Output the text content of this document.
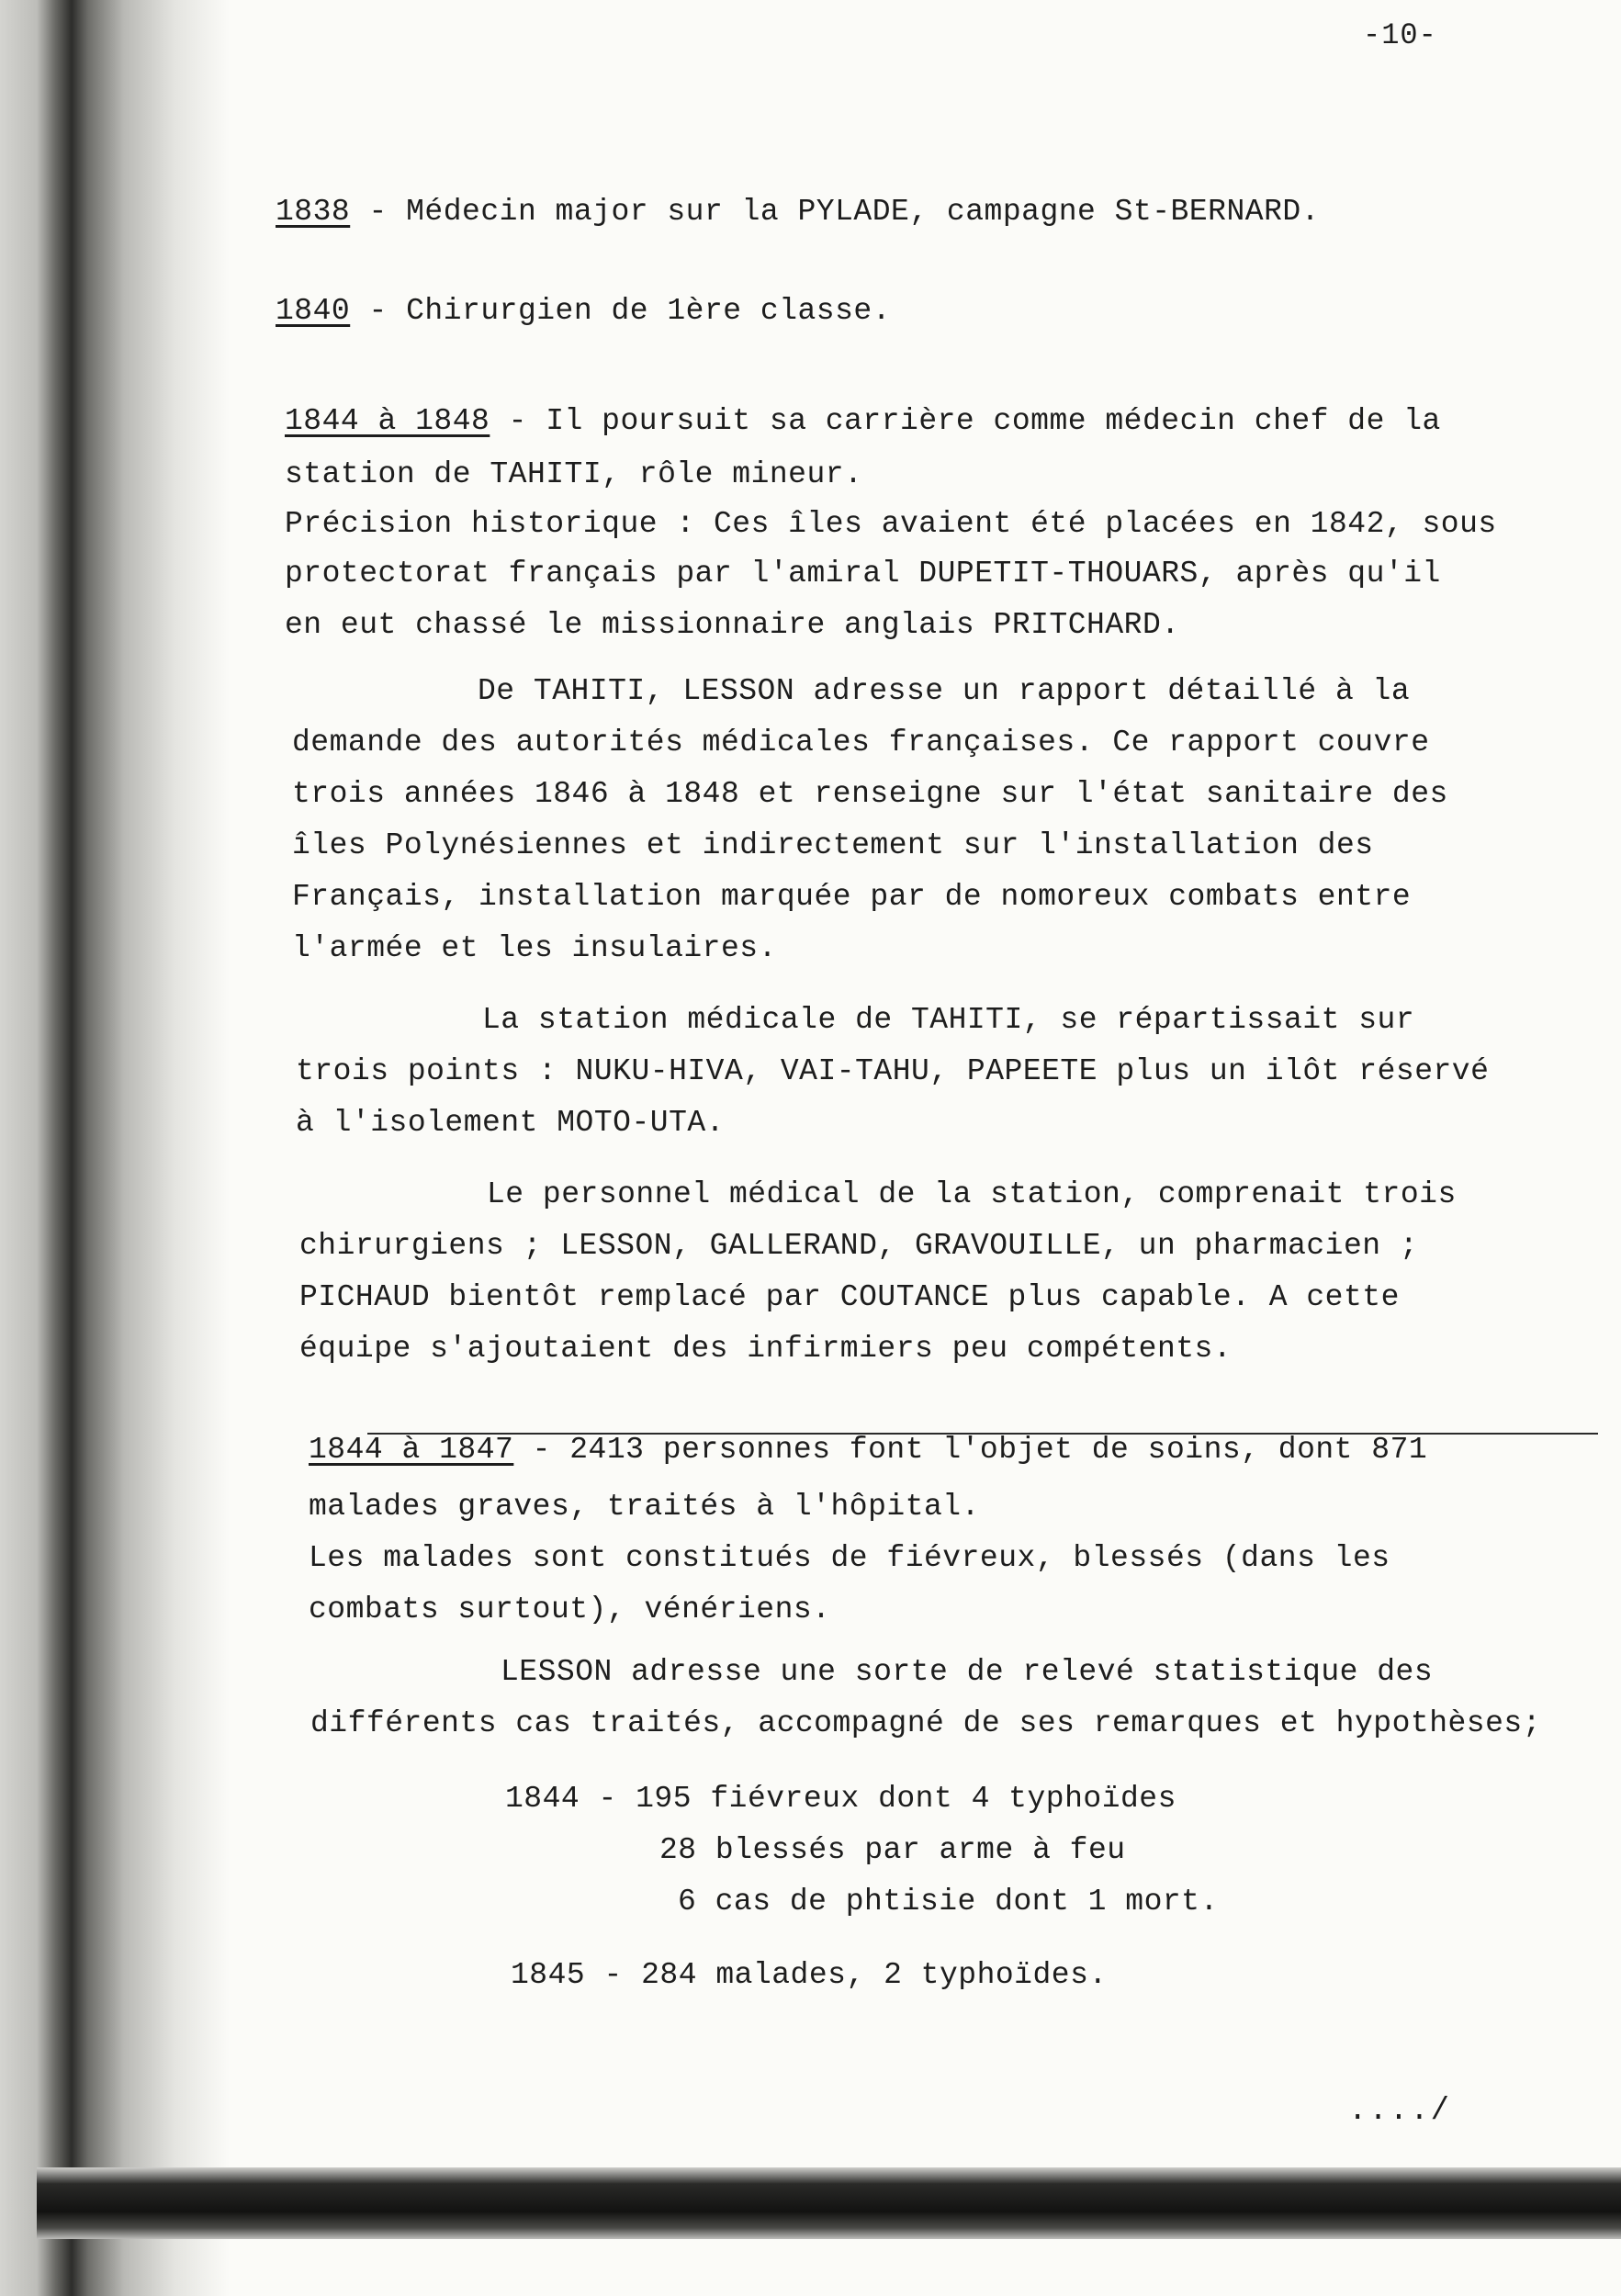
-10-
1838 - Médecin major sur la PYLADE, campagne St-BERNARD.
1840 - Chirurgien de 1ère classe.
1844 à 1848 - Il poursuit sa carrière comme médecin chef de la
station de TAHITI, rôle mineur.
Précision historique : Ces îles avaient été placées en 1842, sous
protectorat français par l'amiral DUPETIT-THOUARS, après qu'il
en eut chassé le missionnaire anglais PRITCHARD.
De TAHITI, LESSON adresse un rapport détaillé à la
demande des autorités médicales françaises. Ce rapport couvre
trois années 1846 à 1848 et renseigne sur l'état sanitaire des
îles Polynésiennes et indirectement sur l'installation des
Français, installation marquée par de nomoreux combats entre
l'armée et les insulaires.
La station médicale de TAHITI, se répartissait sur
trois points : NUKU-HIVA, VAI-TAHU, PAPEETE plus un ilôt réservé
à l'isolement MOTO-UTA.
Le personnel médical de la station, comprenait trois
chirurgiens ; LESSON, GALLERAND, GRAVOUILLE, un pharmacien ;
PICHAUD bientôt remplacé par COUTANCE plus capable. A cette
équipe s'ajoutaient des infirmiers peu compétents.
1844 à 1847 - 2413 personnes font l'objet de soins, dont 871
malades graves, traités à l'hôpital.
Les malades sont constitués de fiévreux, blessés (dans les
combats surtout), vénériens.
LESSON adresse une sorte de relevé statistique des
différents cas traités, accompagné de ses remarques et hypothèses;
1844 - 195 fiévreux dont 4 typhoïdes
28 blessés par arme à feu
6 cas de phtisie dont 1 mort.
1845 - 284 malades, 2 typhoïdes.
..../
